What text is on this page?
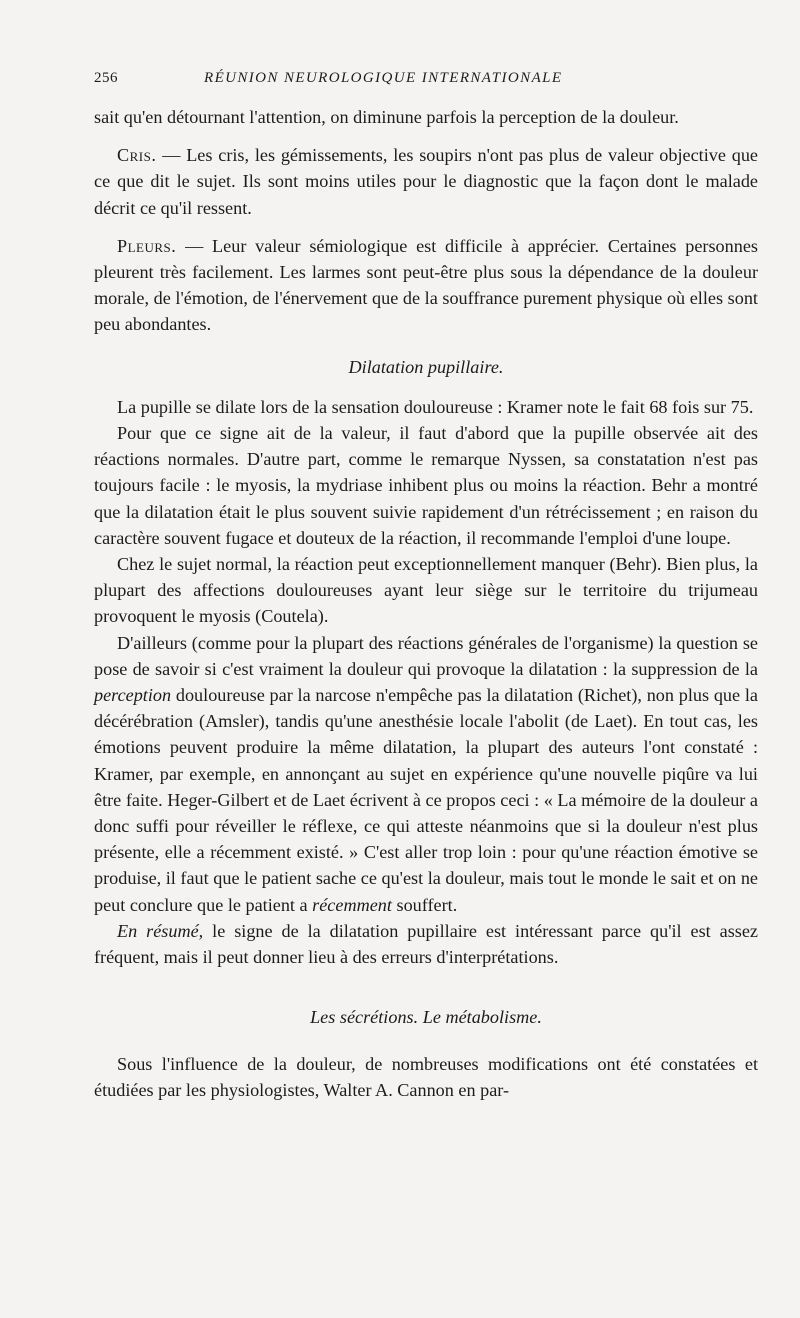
256	RÉUNION NEUROLOGIQUE INTERNATIONALE

sait qu'en détournant l'attention, on diminune parfois la perception de la douleur.

Cris. — Les cris, les gémissements, les soupirs n'ont pas plus de valeur objective que ce que dit le sujet. Ils sont moins utiles pour le diagnostic que la façon dont le malade décrit ce qu'il ressent.

Pleurs. — Leur valeur sémiologique est difficile à apprécier. Certaines personnes pleurent très facilement. Les larmes sont peut-être plus sous la dépendance de la douleur morale, de l'émotion, de l'énervement que de la souffrance purement physique où elles sont peu abondantes.

Dilatation pupillaire.

La pupille se dilate lors de la sensation douloureuse : Kramer note le fait 68 fois sur 75.

Pour que ce signe ait de la valeur, il faut d'abord que la pupille observée ait des réactions normales. D'autre part, comme le remarque Nyssen, sa constatation n'est pas toujours facile : le myosis, la mydriase inhibent plus ou moins la réaction. Behr a montré que la dilatation était le plus souvent suivie rapidement d'un rétrécissement ; en raison du caractère souvent fugace et douteux de la réaction, il recommande l'emploi d'une loupe.

Chez le sujet normal, la réaction peut exceptionnellement manquer (Behr). Bien plus, la plupart des affections douloureuses ayant leur siège sur le territoire du trijumeau provoquent le myosis (Coutela).

D'ailleurs (comme pour la plupart des réactions générales de l'organisme) la question se pose de savoir si c'est vraiment la douleur qui provoque la dilatation : la suppression de la perception douloureuse par la narcose n'empêche pas la dilatation (Richet), non plus que la décérébration (Amsler), tandis qu'une anesthésie locale l'abolit (de Laet). En tout cas, les émotions peuvent produire la même dilatation, la plupart des auteurs l'ont constaté : Kramer, par exemple, en annonçant au sujet en expérience qu'une nouvelle piqûre va lui être faite. Heger-Gilbert et de Laet écrivent à ce propos ceci : « La mémoire de la douleur a donc suffi pour réveiller le réflexe, ce qui atteste néanmoins que si la douleur n'est plus présente, elle a récemment existé. » C'est aller trop loin : pour qu'une réaction émotive se produise, il faut que le patient sache ce qu'est la douleur, mais tout le monde le sait et on ne peut conclure que le patient a récemment souffert.

En résumé, le signe de la dilatation pupillaire est intéressant parce qu'il est assez fréquent, mais il peut donner lieu à des erreurs d'interprétations.

Les sécrétions. Le métabolisme.

Sous l'influence de la douleur, de nombreuses modifications ont été constatées et étudiées par les physiologistes, Walter A. Cannon en par-
